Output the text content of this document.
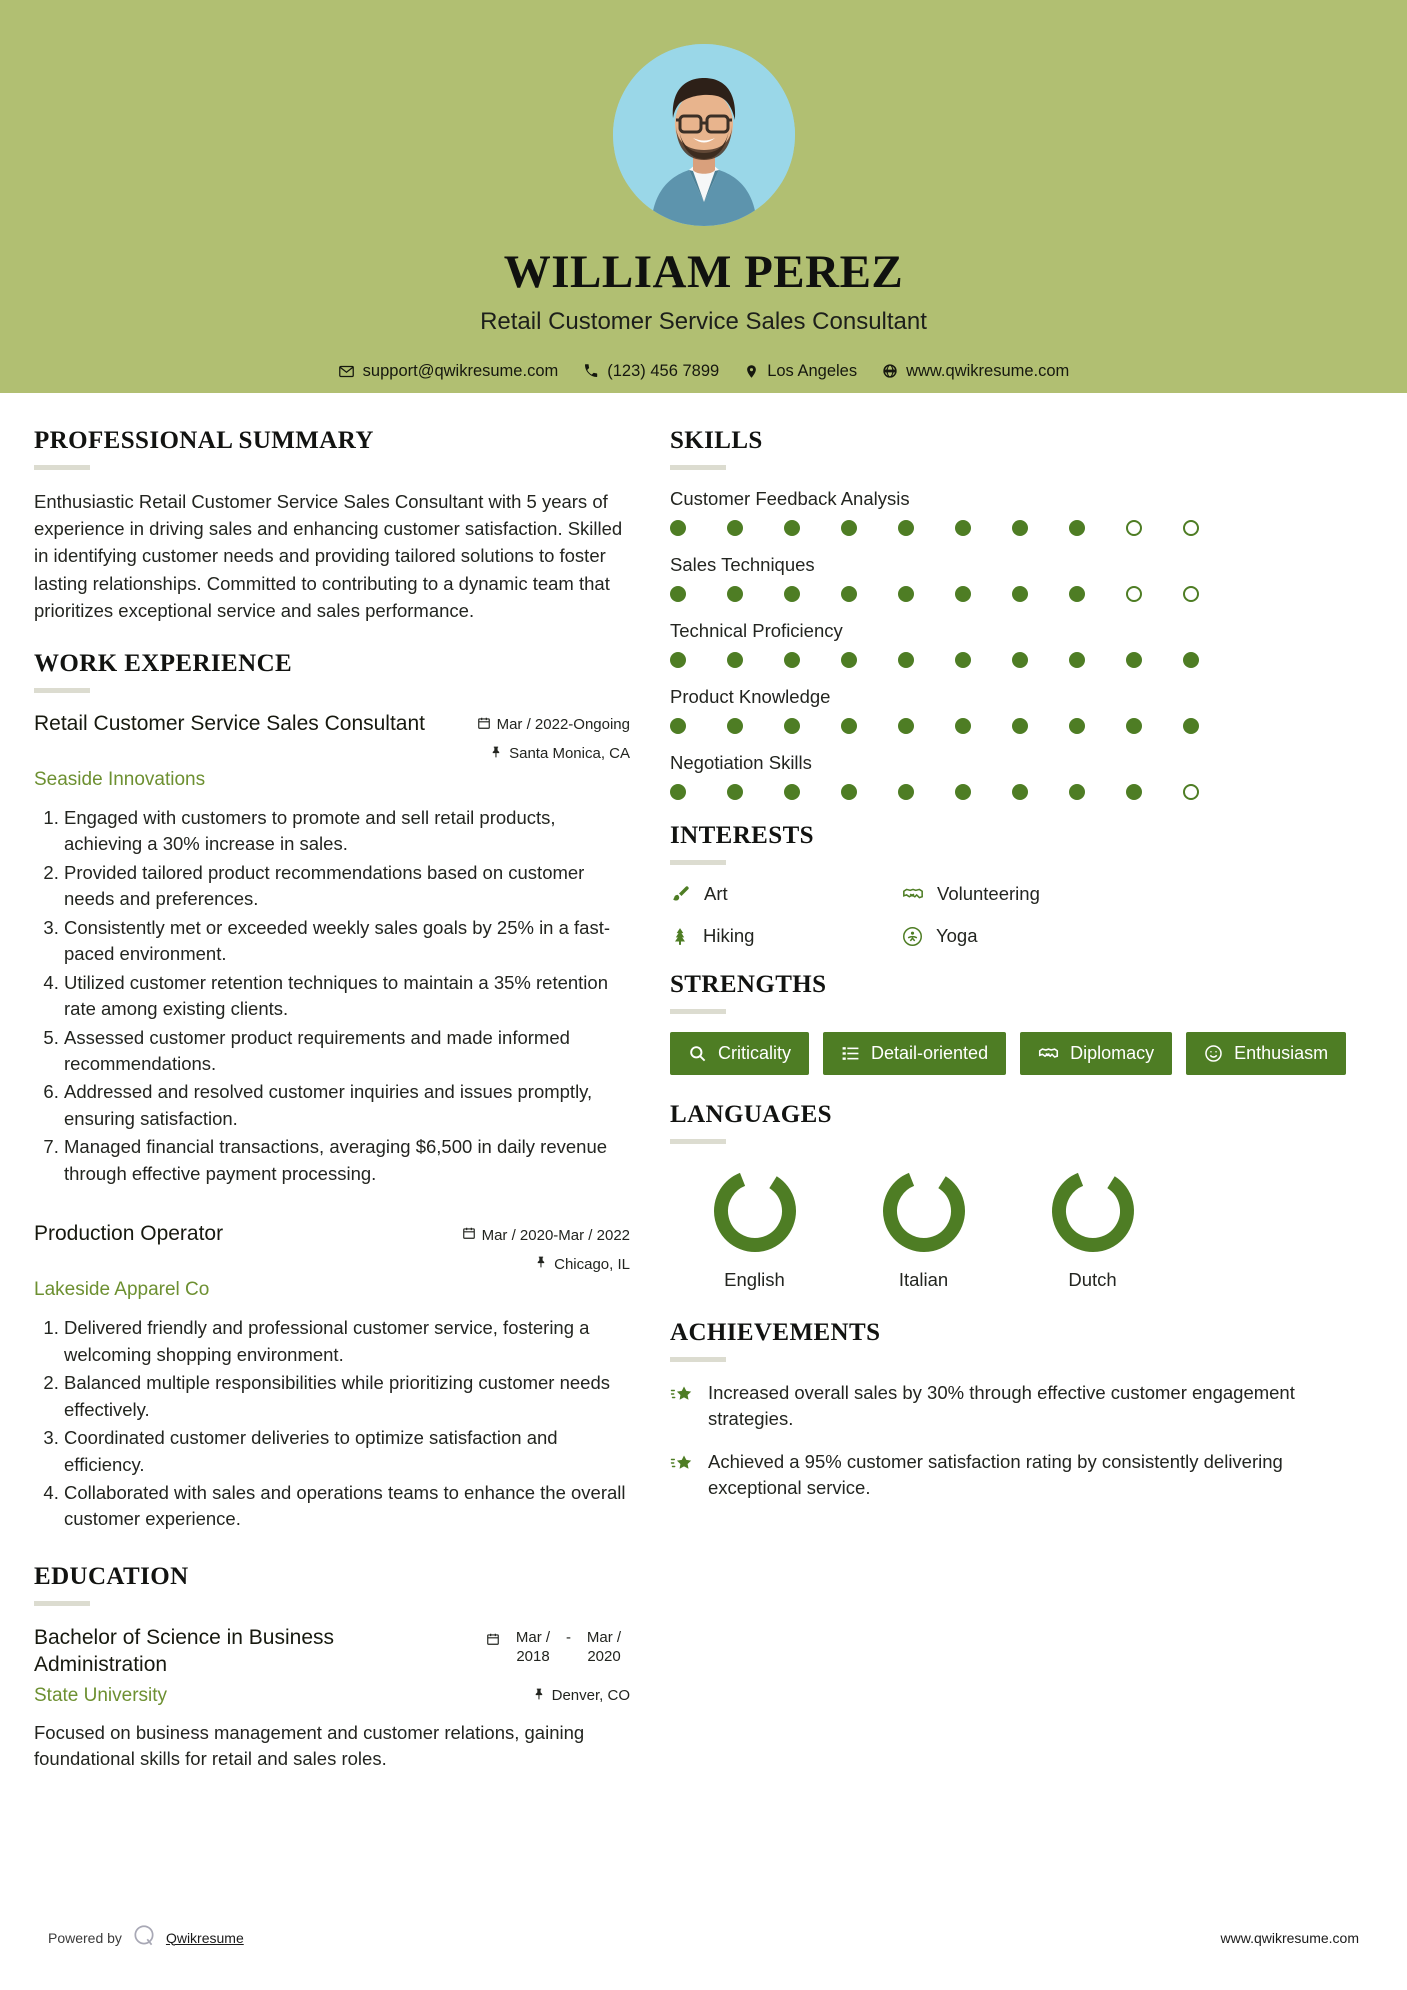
WILLIAM PEREZ
Retail Customer Service Sales Consultant
support@qwikresume.com	(123) 456 7899	Los Angeles	www.qwikresume.com
PROFESSIONAL SUMMARY
Enthusiastic Retail Customer Service Sales Consultant with 5 years of experience in driving sales and enhancing customer satisfaction. Skilled in identifying customer needs and providing tailored solutions to foster lasting relationships. Committed to contributing to a dynamic team that prioritizes exceptional service and sales performance.
WORK EXPERIENCE
Retail Customer Service Sales Consultant	Mar / 2022-Ongoing
Santa Monica, CA
Seaside Innovations
1. Engaged with customers to promote and sell retail products, achieving a 30% increase in sales.
2. Provided tailored product recommendations based on customer needs and preferences.
3. Consistently met or exceeded weekly sales goals by 25% in a fast-paced environment.
4. Utilized customer retention techniques to maintain a 35% retention rate among existing clients.
5. Assessed customer product requirements and made informed recommendations.
6. Addressed and resolved customer inquiries and issues promptly, ensuring satisfaction.
7. Managed financial transactions, averaging $6,500 in daily revenue through effective payment processing.
Production Operator	Mar / 2020-Mar / 2022
Chicago, IL
Lakeside Apparel Co
1. Delivered friendly and professional customer service, fostering a welcoming shopping environment.
2. Balanced multiple responsibilities while prioritizing customer needs effectively.
3. Coordinated customer deliveries to optimize satisfaction and efficiency.
4. Collaborated with sales and operations teams to enhance the overall customer experience.
EDUCATION
Bachelor of Science in Business Administration
Mar / 2018
-	Mar / 2020
State University	Denver, CO
Focused on business management and customer relations, gaining foundational skills for retail and sales roles.
SKILLS
Customer Feedback Analysis
Sales Techniques
Technical Proficiency
Product Knowledge
Negotiation Skills
INTERESTS
Art	Volunteering
Hiking	Yoga
STRENGTHS
Criticality	Detail-oriented	Diplomacy	Enthusiasm
LANGUAGES
English	Italian	Dutch
ACHIEVEMENTS
Increased overall sales by 30% through effective customer engagement strategies.
Achieved a 95% customer satisfaction rating by consistently delivering exceptional service.
Powered by	Qwikresume	www.qwikresume.com
